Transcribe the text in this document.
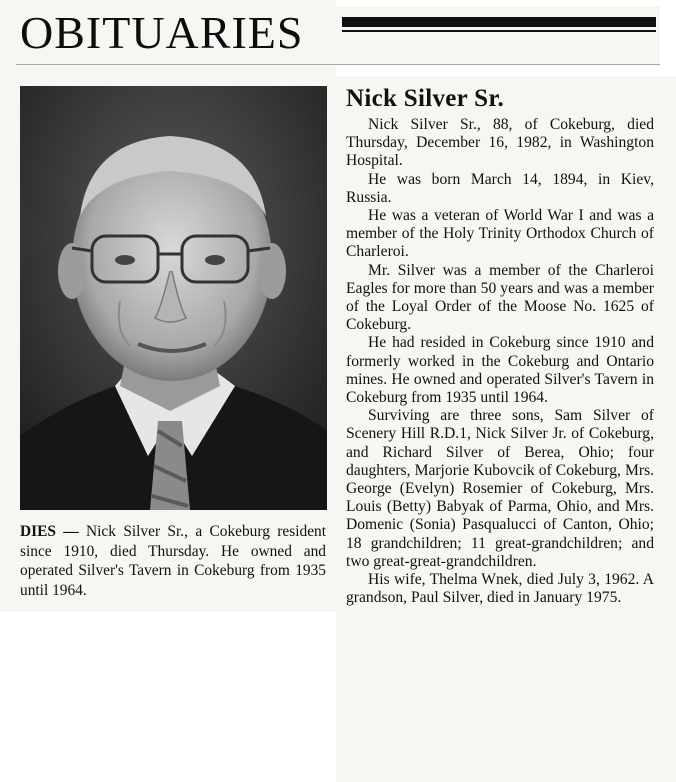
OBITUARIES
DIES — Nick Silver Sr., a Cokeburg resident since 1910, died Thursday. He owned and operated Silver's Tavern in Cokeburg from 1935 until 1964.
Nick Silver Sr.

Nick Silver Sr., 88, of Cokeburg, died Thursday, December 16, 1982, in Washington Hospital.

He was born March 14, 1894, in Kiev, Russia.

He was a veteran of World War I and was a member of the Holy Trinity Orthodox Church of Charleroi.

Mr. Silver was a member of the Charleroi Eagles for more than 50 years and was a member of the Loyal Order of the Moose No. 1625 of Cokeburg.

He had resided in Cokeburg since 1910 and formerly worked in the Cokeburg and Ontario mines. He owned and operated Silver's Tavern in Cokeburg from 1935 until 1964.

Surviving are three sons, Sam Silver of Scenery Hill R.D.1, Nick Silver Jr. of Cokeburg, and Richard Silver of Berea, Ohio; four daughters, Marjorie Kubovcik of Cokeburg, Mrs. George (Evelyn) Rosemier of Cokeburg, Mrs. Louis (Betty) Babyak of Parma, Ohio, and Mrs. Domenic (Sonia) Pasqualucci of Canton, Ohio; 18 grandchildren; 11 great-grandchildren; and two great-great-grandchildren.

His wife, Thelma Wnek, died July 3, 1962. A grandson, Paul Silver, died in January 1975.
